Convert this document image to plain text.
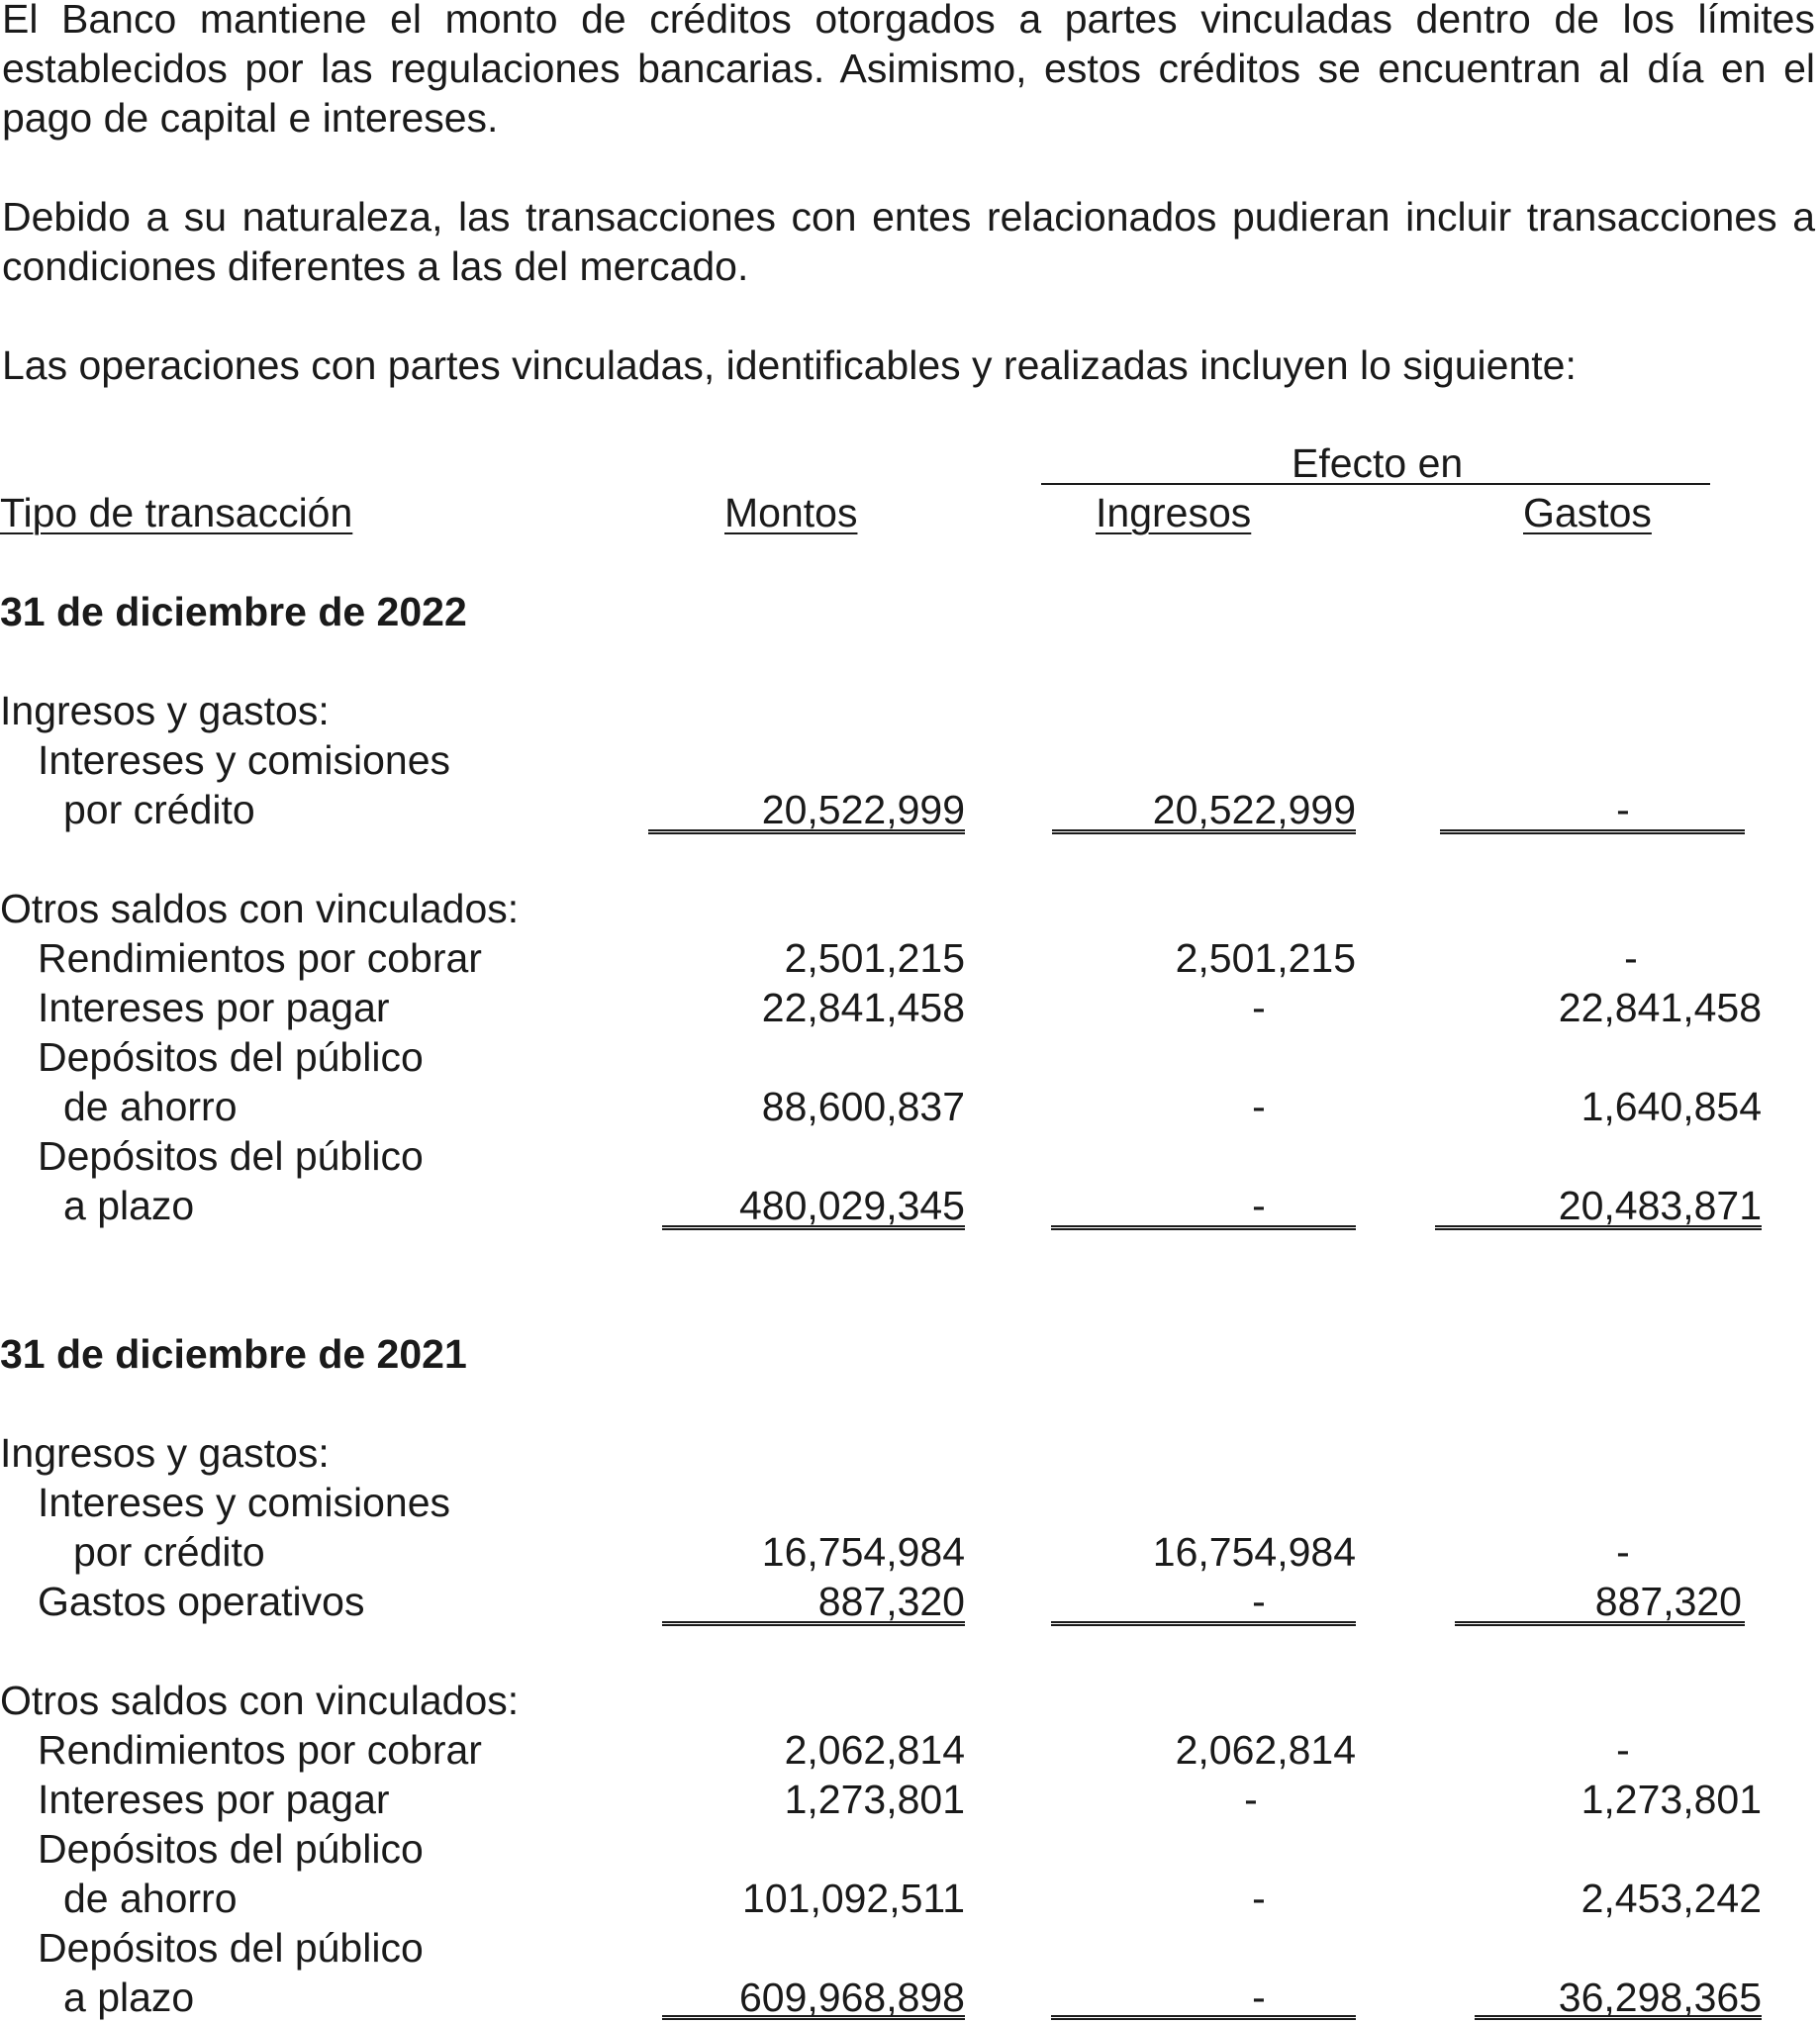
El Banco mantiene el monto de créditos otorgados a partes vinculadas dentro de los límites establecidos por las regulaciones bancarias. Asimismo, estos créditos se encuentran al día en el pago de capital e intereses.

Debido a su naturaleza, las transacciones con entes relacionados pudieran incluir transacciones a condiciones diferentes a las del mercado.

Las operaciones con partes vinculadas, identificables y realizadas incluyen lo siguiente:

Efecto en
Tipo de transacción	Montos	Ingresos	Gastos
31 de diciembre de 2022
Ingresos y gastos:
Intereses y comisiones
por crédito	20,522,999	20,522,999	-
Otros saldos con vinculados:
Rendimientos por cobrar	2,501,215	2,501,215	-
Intereses por pagar	22,841,458	-	22,841,458
Depósitos del público
de ahorro	88,600,837	-	1,640,854
Depósitos del público
a plazo	480,029,345	-	20,483,871
31 de diciembre de 2021
Ingresos y gastos:
Intereses y comisiones
por crédito	16,754,984	16,754,984	-
Gastos operativos	887,320	-	887,320
Otros saldos con vinculados:
Rendimientos por cobrar	2,062,814	2,062,814	-
Intereses por pagar	1,273,801	-	1,273,801
Depósitos del público
de ahorro	101,092,511	-	2,453,242
Depósitos del público
a plazo	609,968,898	-	36,298,365
